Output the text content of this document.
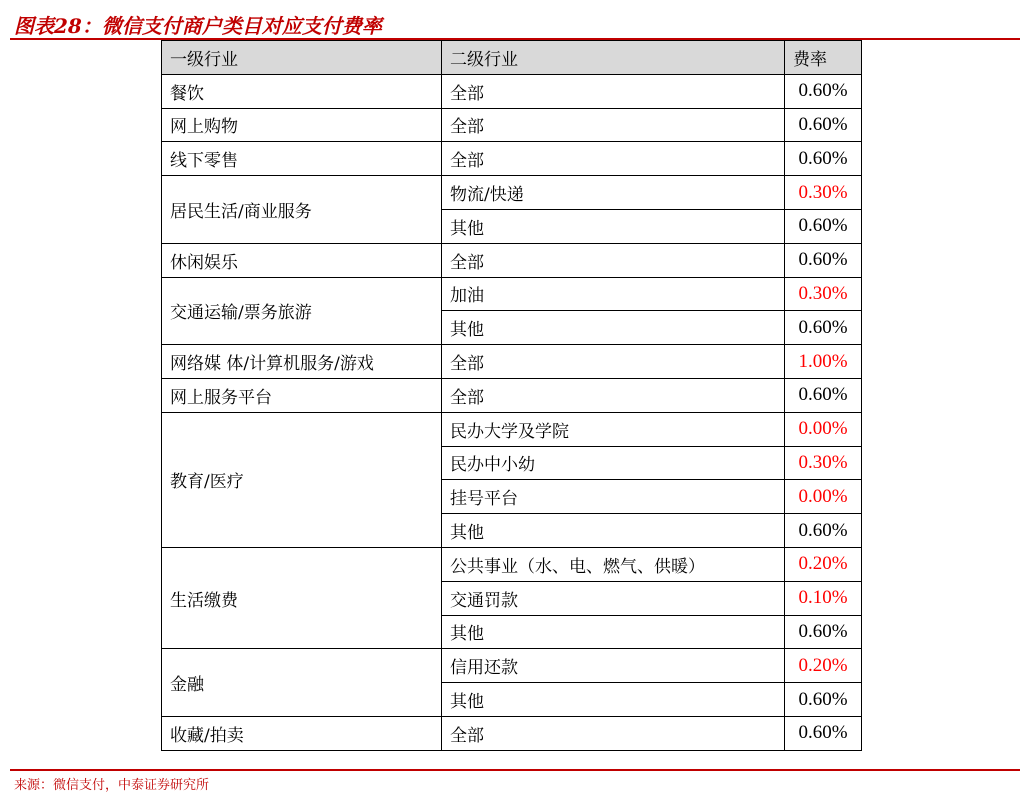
图表28：微信支付商户类目对应支付费率
一级行业	二级行业	费率
餐饮	全部	0.60%
网上购物	全部	0.60%
线下零售	全部	0.60%
居民生活/商业服务	物流/快递	0.30%
	其他	0.60%
休闲娱乐	全部	0.60%
交通运输/票务旅游	加油	0.30%
	其他	0.60%
网络媒 体/计算机服务/游戏	全部	1.00%
网上服务平台	全部	0.60%
教育/医疗	民办大学及学院	0.00%
	民办中小幼	0.30%
	挂号平台	0.00%
	其他	0.60%
生活缴费	公共事业（水、电、燃气、供暖）	0.20%
	交通罚款	0.10%
	其他	0.60%
金融	信用还款	0.20%
	其他	0.60%
收藏/拍卖	全部	0.60%
来源：微信支付，中泰证券研究所
